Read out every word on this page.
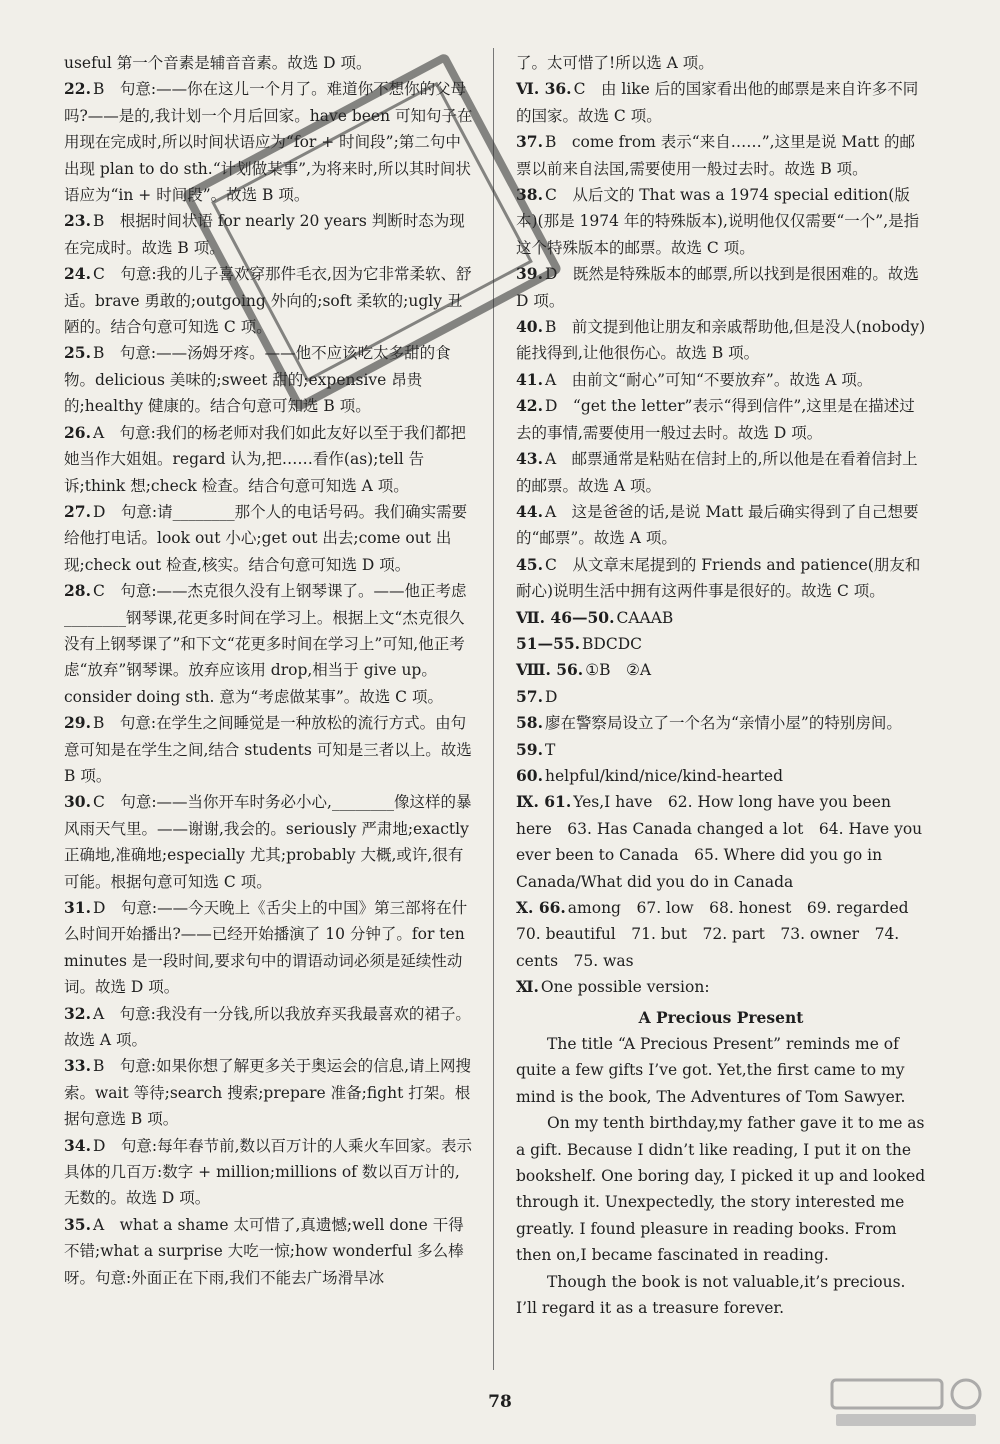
useful 第一个音素是辅音音素。故选 D 项。

22. B　句意:——你在这儿一个月了。难道你不想你的父母吗?——是的,我计划一个月后回家。have been 可知句子在用现在完成时,所以时间状语应为“for + 时间段”;第二句中出现 plan to do sth.“计划做某事”,为将来时,所以其时间状语应为“in + 时间段”。故选 B 项。

23. B　根据时间状语 for nearly 20 years 判断时态为现在完成时。故选 B 项。

24. C　句意:我的儿子喜欢穿那件毛衣,因为它非常柔软、舒适。brave 勇敢的;outgoing 外向的;soft 柔软的;ugly 丑陋的。结合句意可知选 C 项。

25. B　句意:——汤姆牙疼。——他不应该吃太多甜的食物。delicious 美味的;sweet 甜的;expensive 昂贵的;healthy 健康的。结合句意可知选 B 项。

26. A　句意:我们的杨老师对我们如此友好以至于我们都把她当作大姐姐。regard 认为,把……看作(as);tell 告诉;think 想;check 检查。结合句意可知选 A 项。

27. D　句意:请________那个人的电话号码。我们确实需要给他打电话。look out 小心;get out 出去;come out 出现;check out 检查,核实。结合句意可知选 D 项。

28. C　句意:——杰克很久没有上钢琴课了。——他正考虑________钢琴课,花更多时间在学习上。根据上文“杰克很久没有上钢琴课了”和下文“花更多时间在学习上”可知,他正考虑“放弃”钢琴课。放弃应该用 drop,相当于 give up。consider doing sth. 意为“考虑做某事”。故选 C 项。

29. B　句意:在学生之间睡觉是一种放松的流行方式。由句意可知是在学生之间,结合 students 可知是三者以上。故选 B 项。

30. C　句意:——当你开车时务必小心,________像这样的暴风雨天气里。——谢谢,我会的。seriously 严肃地;exactly 正确地,准确地;especially 尤其;probably 大概,或许,很有可能。根据句意可知选 C 项。

31. D　句意:——今天晚上《舌尖上的中国》第三部将在什么时间开始播出?——已经开始播演了 10 分钟了。for ten minutes 是一段时间,要求句中的谓语动词必须是延续性动词。故选 D 项。

32. A　句意:我没有一分钱,所以我放弃买我最喜欢的裙子。故选 A 项。

33. B　句意:如果你想了解更多关于奥运会的信息,请上网搜索。wait 等待;search 搜索;prepare 准备;fight 打架。根据句意选 B 项。

34. D　句意:每年春节前,数以百万计的人乘火车回家。表示具体的几百万:数字 + million;millions of 数以百万计的,无数的。故选 D 项。

35. A　what a shame 太可惜了,真遗憾;well done 干得不错;what a surprise 大吃一惊;how wonderful 多么棒呀。句意:外面正在下雨,我们不能去广场滑旱冰

了。太可惜了!所以选 A 项。

Ⅵ. 36. C　由 like 后的国家看出他的邮票是来自许多不同的国家。故选 C 项。

37. B　come from 表示“来自……”,这里是说 Matt 的邮票以前来自法国,需要使用一般过去时。故选 B 项。

38. C　从后文的 That was a 1974 special edition(版本)(那是 1974 年的特殊版本),说明他仅仅需要“一个”,是指这个特殊版本的邮票。故选 C 项。

39. D　既然是特殊版本的邮票,所以找到是很困难的。故选 D 项。

40. B　前文提到他让朋友和亲戚帮助他,但是没人(nobody)能找得到,让他很伤心。故选 B 项。

41. A　由前文“耐心”可知“不要放弃”。故选 A 项。

42. D　“get the letter”表示“得到信件”,这里是在描述过去的事情,需要使用一般过去时。故选 D 项。

43. A　邮票通常是粘贴在信封上的,所以他是在看着信封上的邮票。故选 A 项。

44. A　这是爸爸的话,是说 Matt 最后确实得到了自己想要的“邮票”。故选 A 项。

45. C　从文章末尾提到的 Friends and patience(朋友和耐心)说明生活中拥有这两件事是很好的。故选 C 项。

Ⅶ. 46—50. CAAAB

51—55. BDCDC

Ⅷ. 56. ①B　②A

57. D

58. 廖在警察局设立了一个名为“亲情小屋”的特别房间。

59. T

60. helpful/kind/nice/kind-hearted

Ⅸ. 61. Yes,I have　62. How long have you been here　63. Has Canada changed a lot　64. Have you ever been to Canada　65. Where did you go in Canada/What did you do in Canada

Ⅹ. 66. among　67. low　68. honest　69. regarded　70. beautiful　71. but　72. part　73. owner　74. cents　75. was

Ⅺ. One possible version:

A Precious Present

The title “A Precious Present” reminds me of quite a few gifts I’ve got. Yet,the first came to my mind is the book, The Adventures of Tom Sawyer.

On my tenth birthday,my father gave it to me as a gift. Because I didn’t like reading, I put it on the bookshelf. One boring day, I picked it up and looked through it. Unexpectedly, the story interested me greatly. I found pleasure in reading books. From then on,I became fascinated in reading.

Though the book is not valuable,it’s precious. I’ll regard it as a treasure forever.

78
